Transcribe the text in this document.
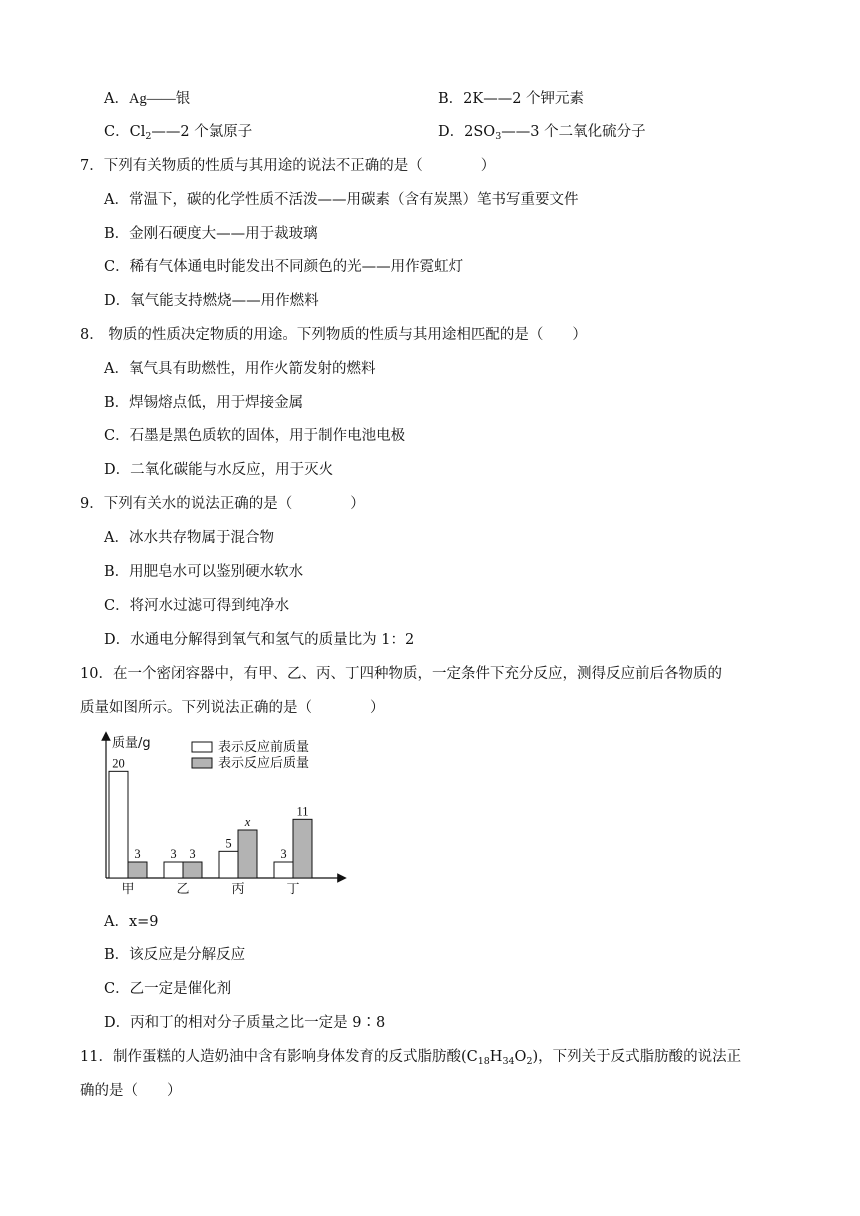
A．Ag——银	B．2K——2 个钾元素
C．$Cl_2——2$ 个氯原子	D．$2SO_3——3$ 个二氧化硫分子
7．下列有关物质的性质与其用途的说法不正确的是（　　　　）
A．常温下，碳的化学性质不活泼——用碳素（含有炭黑）笔书写重要文件
B．金刚石硬度大——用于裁玻璃
C．稀有气体通电时能发出不同颜色的光——用作霓虹灯
D．氧气能支持燃烧——用作燃料
8． 物质的性质决定物质的用途。下列物质的性质与其用途相匹配的是（　　）
A．氧气具有助燃性，用作火箭发射的燃料
B．焊锡熔点低，用于焊接金属
C．石墨是黑色质软的固体，用于制作电池电极
D．二氧化碳能与水反应，用于灭火
9．下列有关水的说法正确的是（　　　　）
A．冰水共存物属于混合物
B．用肥皂水可以鉴别硬水软水
C．将河水过滤可得到纯净水
D．水通电分解得到氧气和氢气的质量比为 1：2
10．在一个密闭容器中，有甲、乙、丙、丁四种物质，一定条件下充分反应，测得反应前后各物质的
质量如图所示。下列说法正确的是（　　　　）
质量/g	表示反应前质量
表示反应后质量
20
3
甲
3 3
乙
5
x
丙
3
11
丁
A．x=9
B．该反应是分解反应
C．乙一定是催化剂
D．丙和丁的相对分子质量之比一定是 9∶8
11．制作蛋糕的人造奶油中含有影响身体发育的反式脂肪酸$(C_{18}H_{34}O_2)$，下列关于反式脂肪酸的说法正
确的是（　　）
